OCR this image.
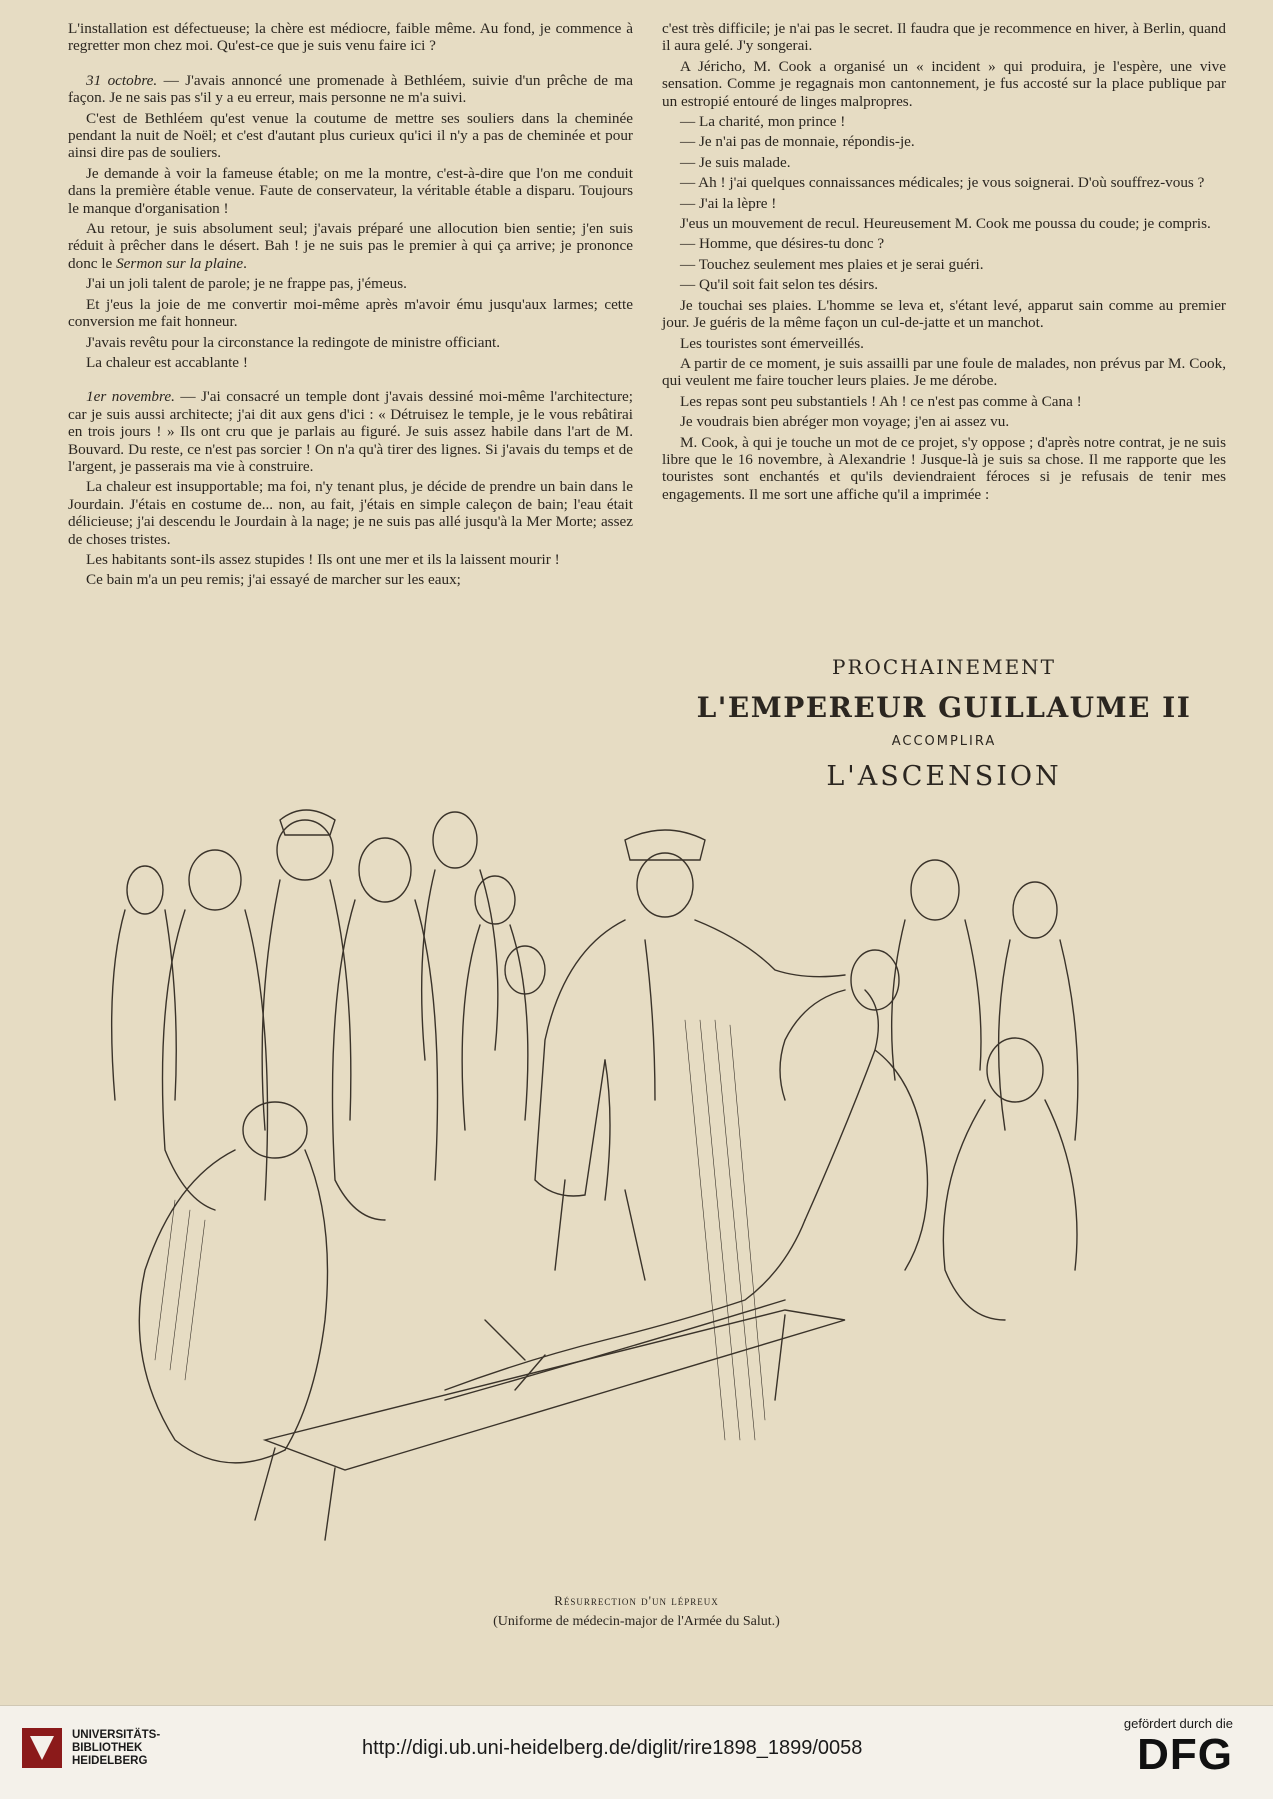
L'installation est défectueuse; la chère est médiocre, faible même. Au fond, je commence à regretter mon chez moi. Qu'est-ce que je suis venu faire ici ?

31 octobre. — J'avais annoncé une promenade à Bethléem, suivie d'un prêche de ma façon. Je ne sais pas s'il y a eu erreur, mais personne ne m'a suivi.

C'est de Bethléem qu'est venue la coutume de mettre ses souliers dans la cheminée pendant la nuit de Noël; et c'est d'autant plus curieux qu'ici il n'y a pas de cheminée et pour ainsi dire pas de souliers.

Je demande à voir la fameuse étable; on me la montre, c'est-à-dire que l'on me conduit dans la première étable venue. Faute de conservateur, la véritable étable a disparu. Toujours le manque d'organisation !

Au retour, je suis absolument seul; j'avais préparé une allocution bien sentie; j'en suis réduit à prêcher dans le désert. Bah ! je ne suis pas le premier à qui ça arrive; je prononce donc le Sermon sur la plaine.

J'ai un joli talent de parole; je ne frappe pas, j'émeus.

Et j'eus la joie de me convertir moi-même après m'avoir ému jusqu'aux larmes; cette conversion me fait honneur.

J'avais revêtu pour la circonstance la redingote de ministre officiant.

La chaleur est accablante !

1er novembre. — J'ai consacré un temple dont j'avais dessiné moi-même l'architecture; car je suis aussi architecte; j'ai dit aux gens d'ici : « Détruisez le temple, je le vous rebâtirai en trois jours ! » Ils ont cru que je parlais au figuré. Je suis assez habile dans l'art de M. Bouvard. Du reste, ce n'est pas sorcier ! On n'a qu'à tirer des lignes. Si j'avais du temps et de l'argent, je passerais ma vie à construire.

La chaleur est insupportable; ma foi, n'y tenant plus, je décide de prendre un bain dans le Jourdain. J'étais en costume de... non, au fait, j'étais en simple caleçon de bain; l'eau était délicieuse; j'ai descendu le Jourdain à la nage; je ne suis pas allé jusqu'à la Mer Morte; assez de choses tristes.

Les habitants sont-ils assez stupides ! Ils ont une mer et ils la laissent mourir !

Ce bain m'a un peu remis; j'ai essayé de marcher sur les eaux;

c'est très difficile; je n'ai pas le secret. Il faudra que je recommence en hiver, à Berlin, quand il aura gelé. J'y songerai.

A Jéricho, M. Cook a organisé un « incident » qui produira, je l'espère, une vive sensation. Comme je regagnais mon cantonnement, je fus accosté sur la place publique par un estropié entouré de linges malpropres.

— La charité, mon prince !

— Je n'ai pas de monnaie, répondis-je.

— Je suis malade.

— Ah ! j'ai quelques connaissances médicales; je vous soignerai. D'où souffrez-vous ?

— J'ai la lèpre !

J'eus un mouvement de recul. Heureusement M. Cook me poussa du coude; je compris.

— Homme, que désires-tu donc ?

— Touchez seulement mes plaies et je serai guéri.

— Qu'il soit fait selon tes désirs.

Je touchai ses plaies. L'homme se leva et, s'étant levé, apparut sain comme au premier jour. Je guéris de la même façon un cul-de-jatte et un manchot.

Les touristes sont émerveillés.

A partir de ce moment, je suis assailli par une foule de malades, non prévus par M. Cook, qui veulent me faire toucher leurs plaies. Je me dérobe.

Les repas sont peu substantiels ! Ah ! ce n'est pas comme à Cana !

Je voudrais bien abréger mon voyage; j'en ai assez vu.

M. Cook, à qui je touche un mot de ce projet, s'y oppose ; d'après notre contrat, je ne suis libre que le 16 novembre, à Alexandrie ! Jusque-là je suis sa chose. Il me rapporte que les touristes sont enchantés et qu'ils deviendraient féroces si je refusais de tenir mes engagements. Il me sort une affiche qu'il a imprimée :

PROCHAINEMENT
L'EMPEREUR GUILLAUME II
ACCOMPLIRA
L'ASCENSION
Résurrection d'un lépreux
(Uniforme de médecin-major de l'Armée du Salut.)
UNIVERSITÄTS-
BIBLIOTHEK
HEIDELBERG
http://digi.ub.uni-heidelberg.de/diglit/rire1898_1899/0058
gefördert durch die
DFG
